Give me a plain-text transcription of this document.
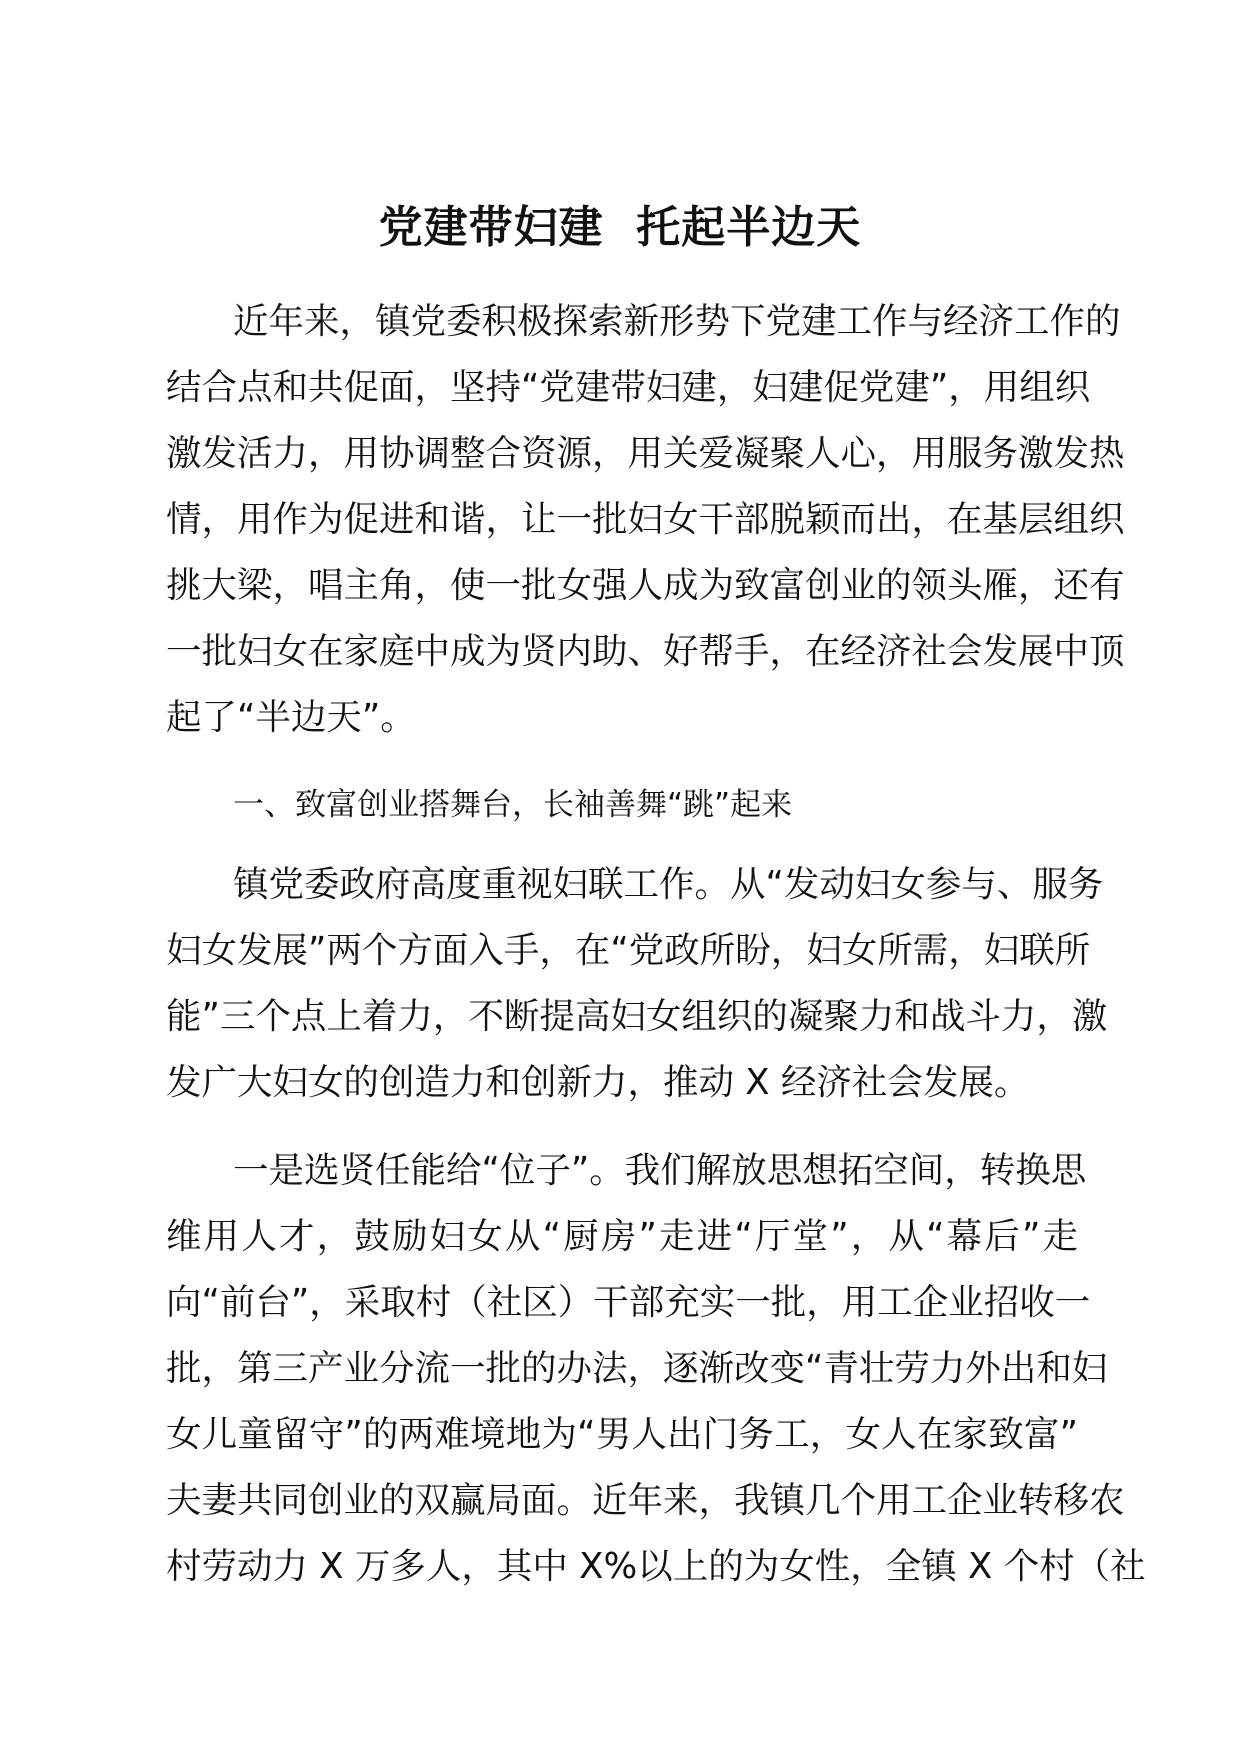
党建带妇建  托起半边天
近年来，镇党委积极探索新形势下党建工作与经济工作的
结合点和共促面，坚持“党建带妇建，妇建促党建”，用组织
激发活力，用协调整合资源，用关爱凝聚人心，用服务激发热
情，用作为促进和谐，让一批妇女干部脱颖而出，在基层组织
挑大梁，唱主角，使一批女强人成为致富创业的领头雁，还有
一批妇女在家庭中成为贤内助、好帮手，在经济社会发展中顶
起了“半边天”。
一、致富创业搭舞台，长袖善舞“跳”起来
镇党委政府高度重视妇联工作。从“发动妇女参与、服务
妇女发展”两个方面入手，在“党政所盼，妇女所需，妇联所
能”三个点上着力，不断提高妇女组织的凝聚力和战斗力，激
发广大妇女的创造力和创新力，推动 X 经济社会发展。
一是选贤任能给“位子”。我们解放思想拓空间，转换思
维用人才，鼓励妇女从“厨房”走进“厅堂”，从“幕后”走
向“前台”，采取村（社区）干部充实一批，用工企业招收一
批，第三产业分流一批的办法，逐渐改变“青壮劳力外出和妇
女儿童留守”的两难境地为“男人出门务工，女人在家致富”
夫妻共同创业的双赢局面。近年来，我镇几个用工企业转移农
村劳动力 X 万多人，其中 X%以上的为女性，全镇 X 个村（社
